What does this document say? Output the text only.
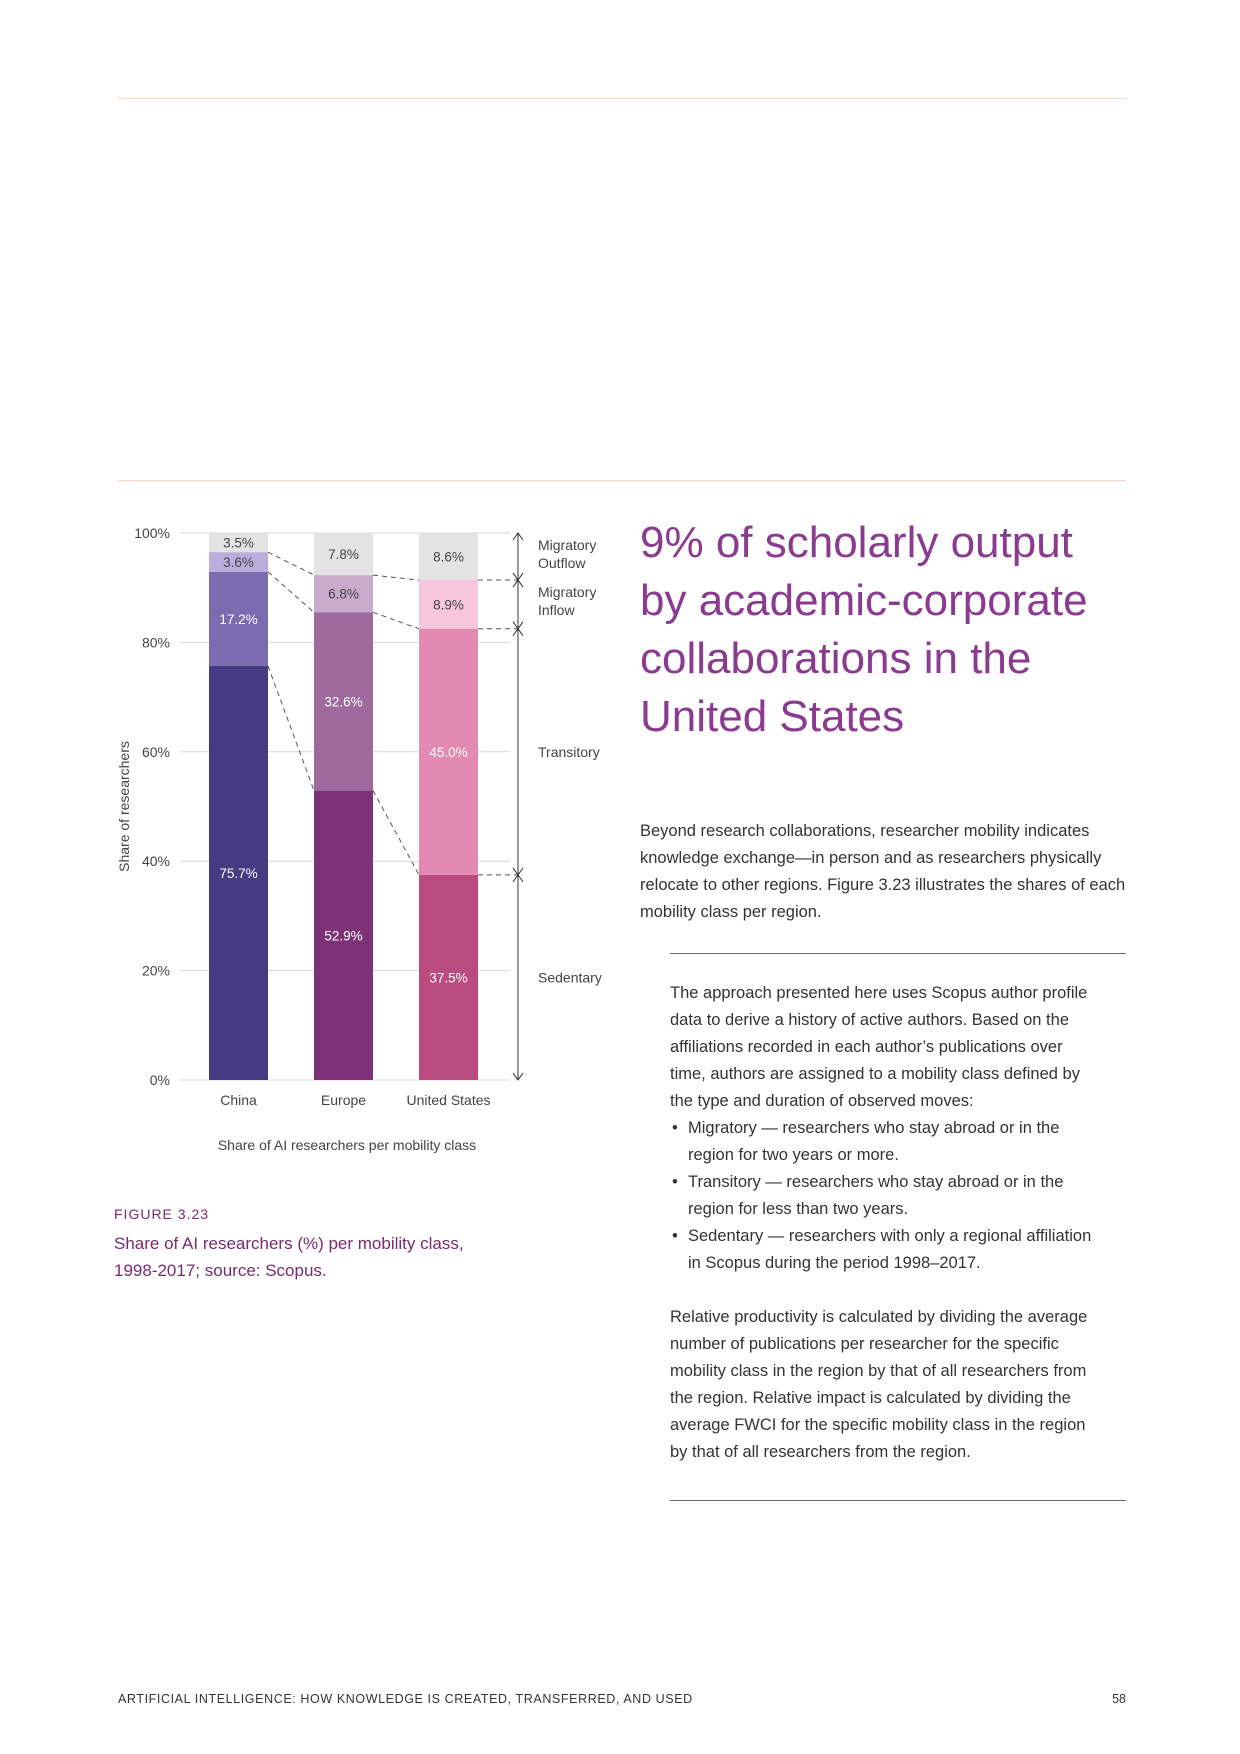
75.7%
17.2%
3.6%
3.5%
52.9%
32.6%
6.8%
7.8%
37.5%
45.0%
8.9%
8.6%
0%
20%
40%
60%
80%
100%
Share of researchers
China	Europe	United States
Share of AI researchers per mobility class
Migratory
Outflow
Migratory
Inflow
Transitory
Sedentary
FIGURE 3.23
Share of AI researchers (%) per mobility class,
1998-2017; source: Scopus.
9% of scholarly output
by academic-corporate
collaborations in the
United States

Beyond research collaborations, researcher mobility indicates knowledge exchange—in person and as researchers physically relocate to other regions. Figure 3.23 illustrates the shares of each mobility class per region.

The approach presented here uses Scopus author profile data to derive a history of active authors. Based on the affiliations recorded in each author’s publications over time, authors are assigned to a mobility class defined by the type and duration of observed moves:

• Migratory — researchers who stay abroad or in the region for two years or more.
• Transitory — researchers who stay abroad or in the region for less than two years.
• Sedentary — researchers with only a regional affiliation in Scopus during the period 1998–2017.

Relative productivity is calculated by dividing the average number of publications per researcher for the specific mobility class in the region by that of all researchers from the region. Relative impact is calculated by dividing the average FWCI for the specific mobility class in the region by that of all researchers from the region.

ARTIFICIAL INTELLIGENCE: HOW KNOWLEDGE IS CREATED, TRANSFERRED, AND USED	58
